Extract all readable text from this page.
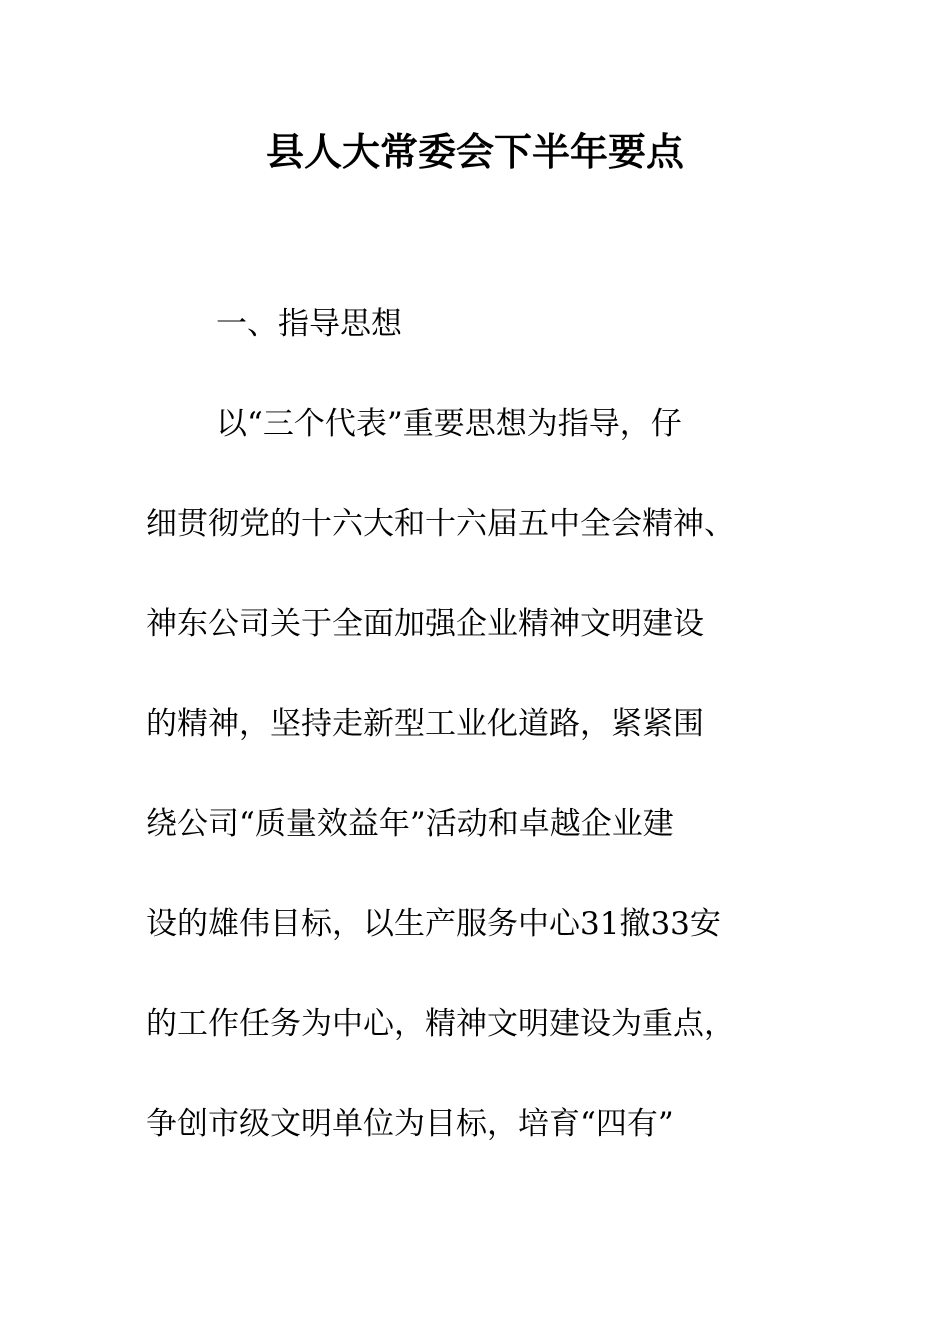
县人大常委会下半年要点
一、指导思想
以“三个代表”重要思想为指导，仔
细贯彻党的十六大和十六届五中全会精神、
神东公司关于全面加强企业精神文明建设
的精神，坚持走新型工业化道路，紧紧围
绕公司“质量效益年”活动和卓越企业建
设的雄伟目标，以生产服务中心31撤33安
的工作任务为中心，精神文明建设为重点，
争创市级文明单位为目标，培育“四有”
